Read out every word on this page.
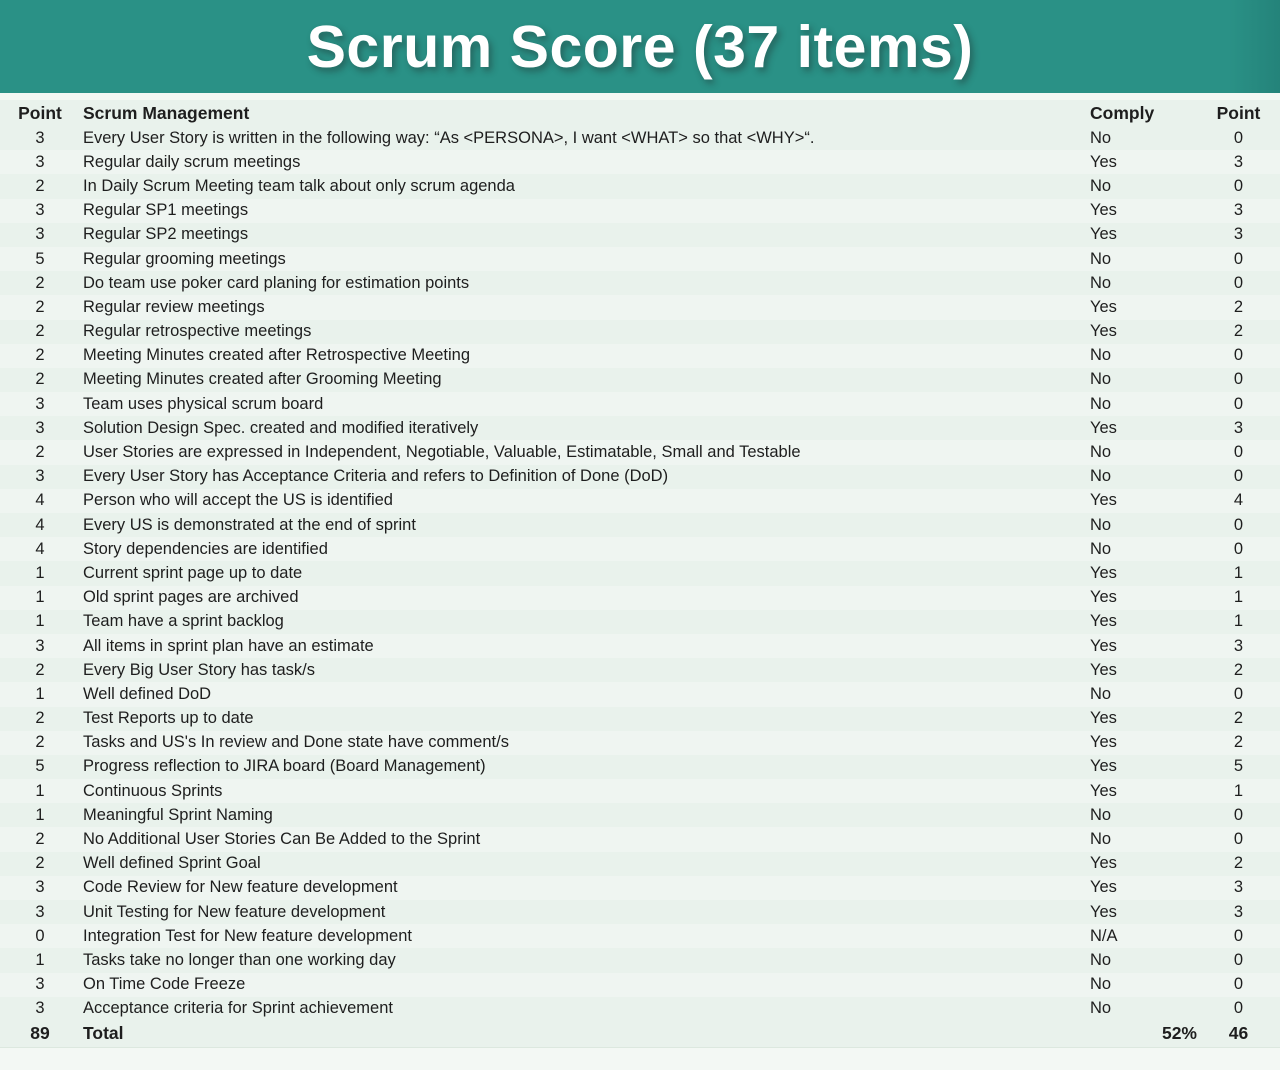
Scrum Score (37 items)
Point	Scrum Management	Comply	Point
3	Every User Story is written in the following way: “As <PERSONA>, I want <WHAT> so that <WHY>“.	No	0
3	Regular daily scrum meetings	Yes	3
2	In Daily Scrum Meeting team talk about only scrum agenda	No	0
3	Regular SP1 meetings	Yes	3
3	Regular SP2 meetings	Yes	3
5	Regular grooming meetings	No	0
2	Do team use poker card planing for estimation points	No	0
2	Regular review meetings	Yes	2
2	Regular retrospective meetings	Yes	2
2	Meeting Minutes created after Retrospective Meeting	No	0
2	Meeting Minutes created after Grooming Meeting	No	0
3	Team uses physical scrum board	No	0
3	Solution Design Spec. created and modified iteratively	Yes	3
2	User Stories are expressed in Independent, Negotiable, Valuable, Estimatable, Small and Testable	No	0
3	Every User Story has Acceptance Criteria and refers to Definition of Done (DoD)	No	0
4	Person who will accept the US is identified	Yes	4
4	Every US is demonstrated at the end of sprint	No	0
4	Story dependencies are identified	No	0
1	Current sprint page up to date	Yes	1
1	Old sprint pages are archived	Yes	1
1	Team have a sprint backlog	Yes	1
3	All items in sprint plan have an estimate	Yes	3
2	Every Big User Story has task/s	Yes	2
1	Well defined DoD	No	0
2	Test Reports up to date	Yes	2
2	Tasks and US's In review and Done state have comment/s	Yes	2
5	Progress reflection to JIRA board (Board Management)	Yes	5
1	Continuous Sprints	Yes	1
1	Meaningful Sprint Naming	No	0
2	No Additional User Stories Can Be Added to the Sprint	No	0
2	Well defined Sprint Goal	Yes	2
3	Code Review for New feature development	Yes	3
3	Unit Testing for New feature development	Yes	3
0	Integration Test for New feature development	N/A	0
1	Tasks take no longer than one working day	No	0
3	On Time Code Freeze	No	0
3	Acceptance criteria for Sprint achievement	No	0
89	Total	52%	46
